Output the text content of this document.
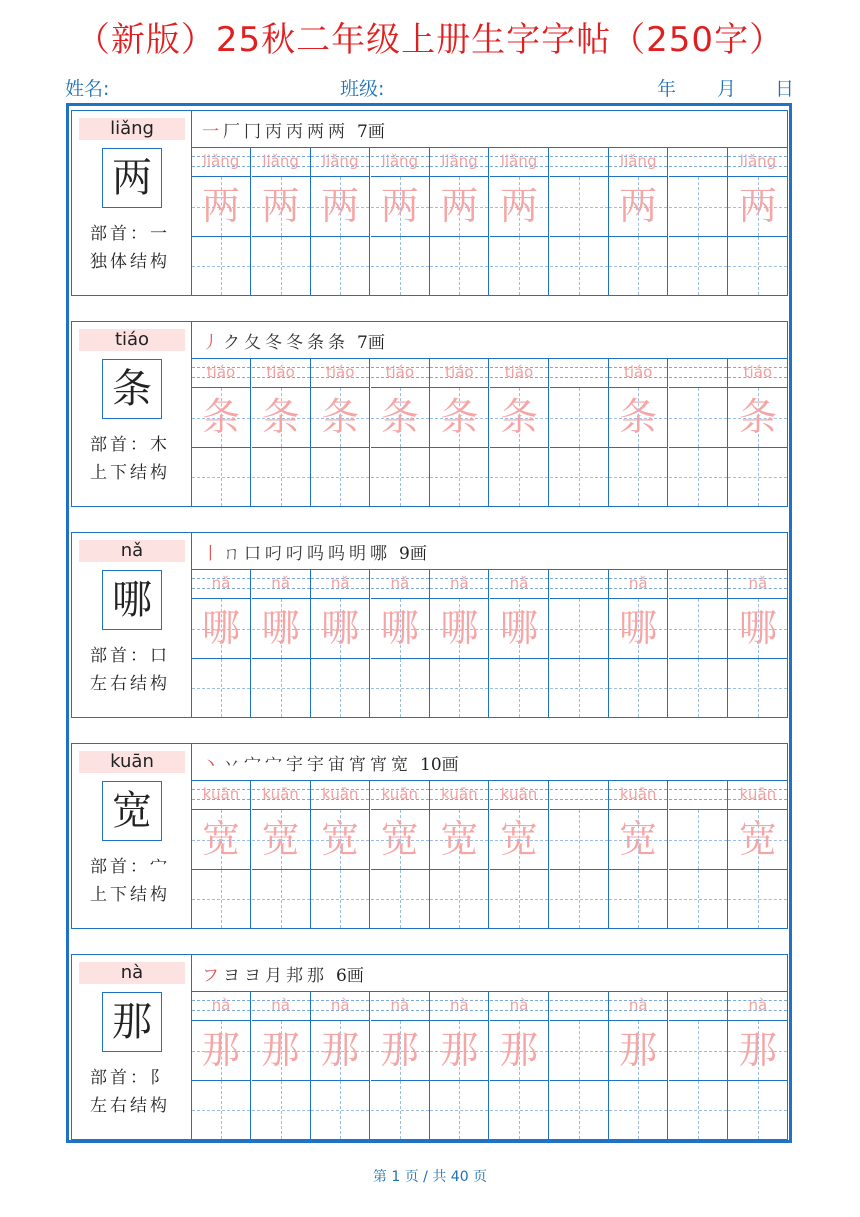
（新版）25秋二年级上册生字字帖（250字）
姓名:	班级:	年 月 日
liǎng
两
部首：一
独体结构
一厂冂丙丙两两 7画
liǎng
两
liǎng
两
liǎng
两
liǎng
两
liǎng
两
liǎng
两
liǎng
两
liǎng
两
tiáo
条
部首：木
上下结构
丿ク夂冬冬条条 7画
tiáo
条
tiáo
条
tiáo
条
tiáo
条
tiáo
条
tiáo
条
tiáo
条
tiáo
条
nǎ
哪
部首：口
左右结构
丨ㄇ口叼叼吗吗明哪 9画
nǎ
哪
nǎ
哪
nǎ
哪
nǎ
哪
nǎ
哪
nǎ
哪
nǎ
哪
nǎ
哪
kuān
宽
部首：宀
上下结构
丶丷宀宀宇宇宙宵宵宽 10画
kuān
宽
kuān
宽
kuān
宽
kuān
宽
kuān
宽
kuān
宽
kuān
宽
kuān
宽
nà
那
部首：阝
左右结构
フヨヨ月邦那 6画
nà
那
nà
那
nà
那
nà
那
nà
那
nà
那
nà
那
nà
那
第 1 页 / 共 40 页
